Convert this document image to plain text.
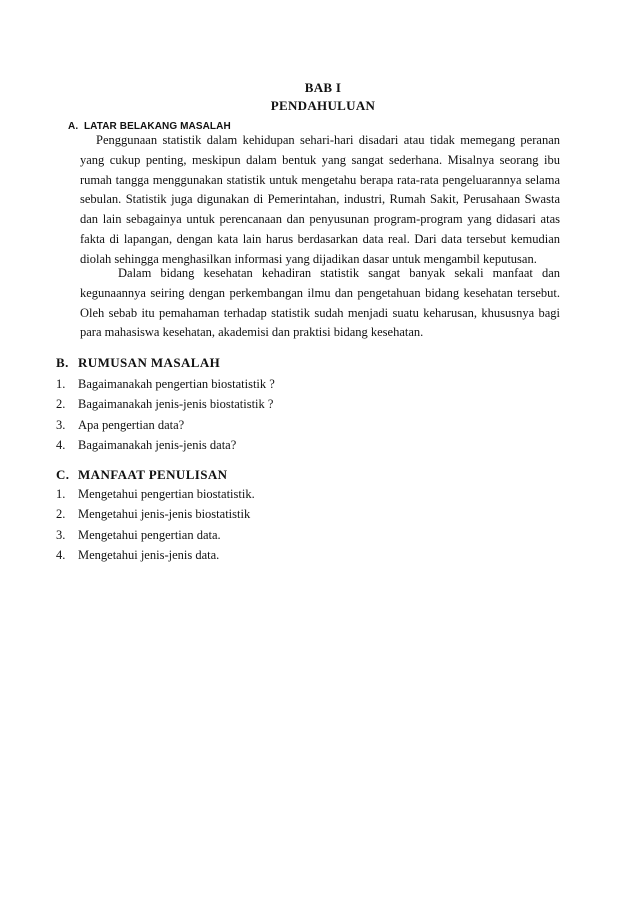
BAB I
PENDAHULUAN
A. LATAR BELAKANG MASALAH

Penggunaan statistik dalam kehidupan sehari-hari disadari atau tidak memegang peranan yang cukup penting, meskipun dalam bentuk yang sangat sederhana. Misalnya seorang ibu rumah tangga menggunakan statistik untuk mengetahu berapa rata-rata pengeluarannya selama sebulan. Statistik juga digunakan di Pemerintahan, industri, Rumah Sakit, Perusahaan Swasta dan lain sebagainya untuk perencanaan dan penyusunan program-program yang didasari atas fakta di lapangan, dengan kata lain harus berdasarkan data real. Dari data tersebut kemudian diolah sehingga menghasilkan informasi yang dijadikan dasar untuk mengambil keputusan.

Dalam bidang kesehatan kehadiran statistik sangat banyak sekali manfaat dan kegunaannya seiring dengan perkembangan ilmu dan pengetahuan bidang kesehatan tersebut. Oleh sebab itu pemahaman terhadap statistik sudah menjadi suatu keharusan, khususnya bagi para mahasiswa kesehatan, akademisi dan praktisi bidang kesehatan.

B. RUMUSAN MASALAH
1. Bagaimanakah pengertian biostatistik ?
2. Bagaimanakah jenis-jenis biostatistik ?
3. Apa pengertian data?
4. Bagaimanakah jenis-jenis data?
C. MANFAAT PENULISAN
1. Mengetahui pengertian biostatistik.
2. Mengetahui jenis-jenis biostatistik
3. Mengetahui pengertian data.
4. Mengetahui jenis-jenis data.
